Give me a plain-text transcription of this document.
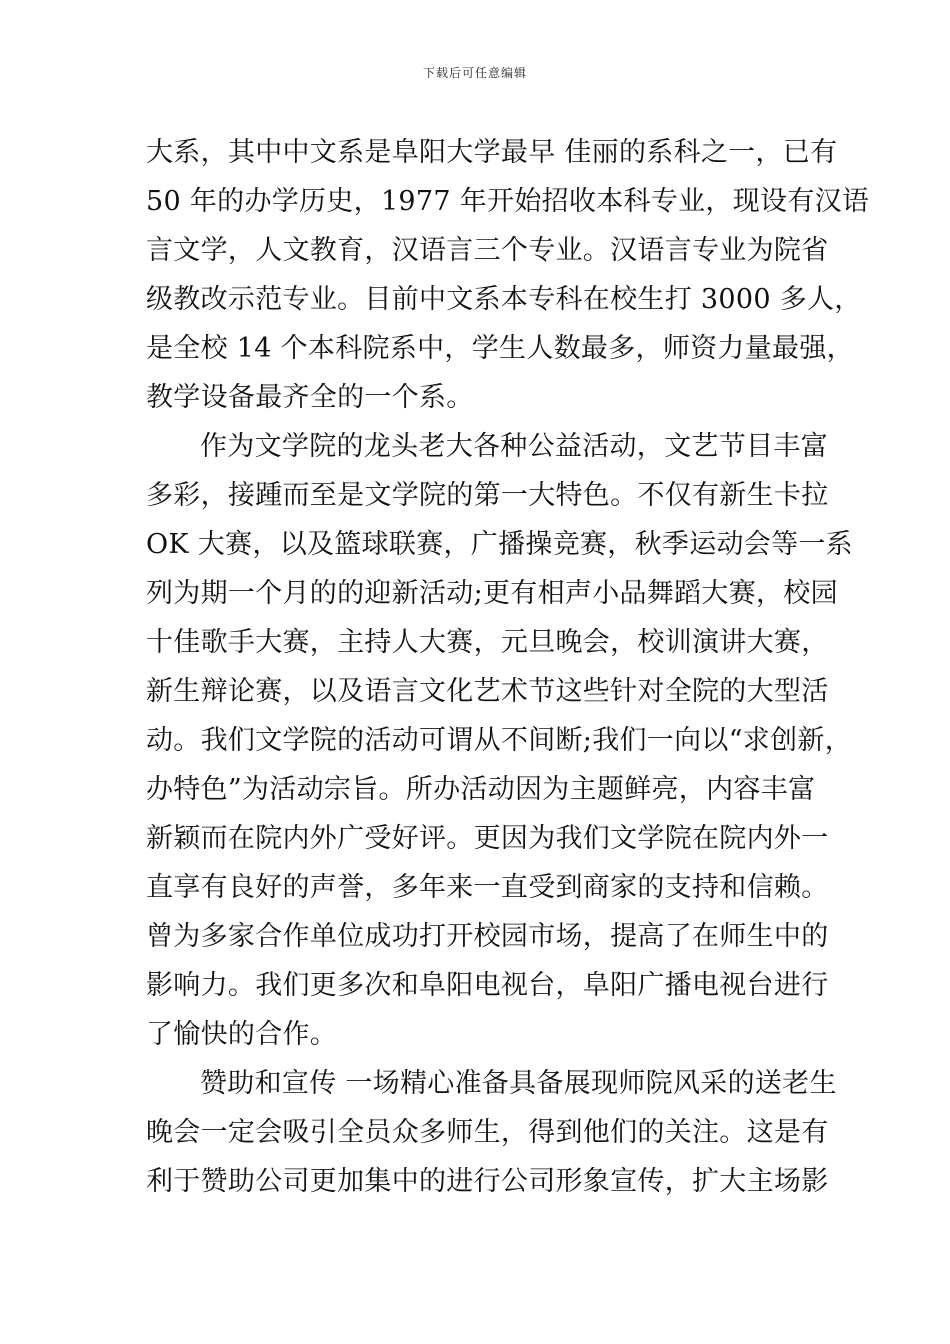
下载后可任意编辑
大系，其中中文系是阜阳大学最早 佳丽的系科之一，已有
50 年的办学历史，1977 年开始招收本科专业，现设有汉语
言文学，人文教育，汉语言三个专业。汉语言专业为院省
级教改示范专业。目前中文系本专科在校生打 3000 多人，
是全校 14 个本科院系中，学生人数最多，师资力量最强，
教学设备最齐全的一个系。
作为文学院的龙头老大各种公益活动，文艺节目丰富
多彩，接踵而至是文学院的第一大特色。不仅有新生卡拉
OK 大赛，以及篮球联赛，广播操竞赛，秋季运动会等一系
列为期一个月的的迎新活动;更有相声小品舞蹈大赛，校园
十佳歌手大赛，主持人大赛，元旦晚会，校训演讲大赛，
新生辩论赛，以及语言文化艺术节这些针对全院的大型活
动。我们文学院的活动可谓从不间断;我们一向以“求创新，
办特色”为活动宗旨。所办活动因为主题鲜亮，内容丰富
新颖而在院内外广受好评。更因为我们文学院在院内外一
直享有良好的声誉，多年来一直受到商家的支持和信赖。
曾为多家合作单位成功打开校园市场，提高了在师生中的
影响力。我们更多次和阜阳电视台，阜阳广播电视台进行
了愉快的合作。
赞助和宣传 一场精心准备具备展现师院风采的送老生
晚会一定会吸引全员众多师生，得到他们的关注。这是有
利于赞助公司更加集中的进行公司形象宣传，扩大主场影
